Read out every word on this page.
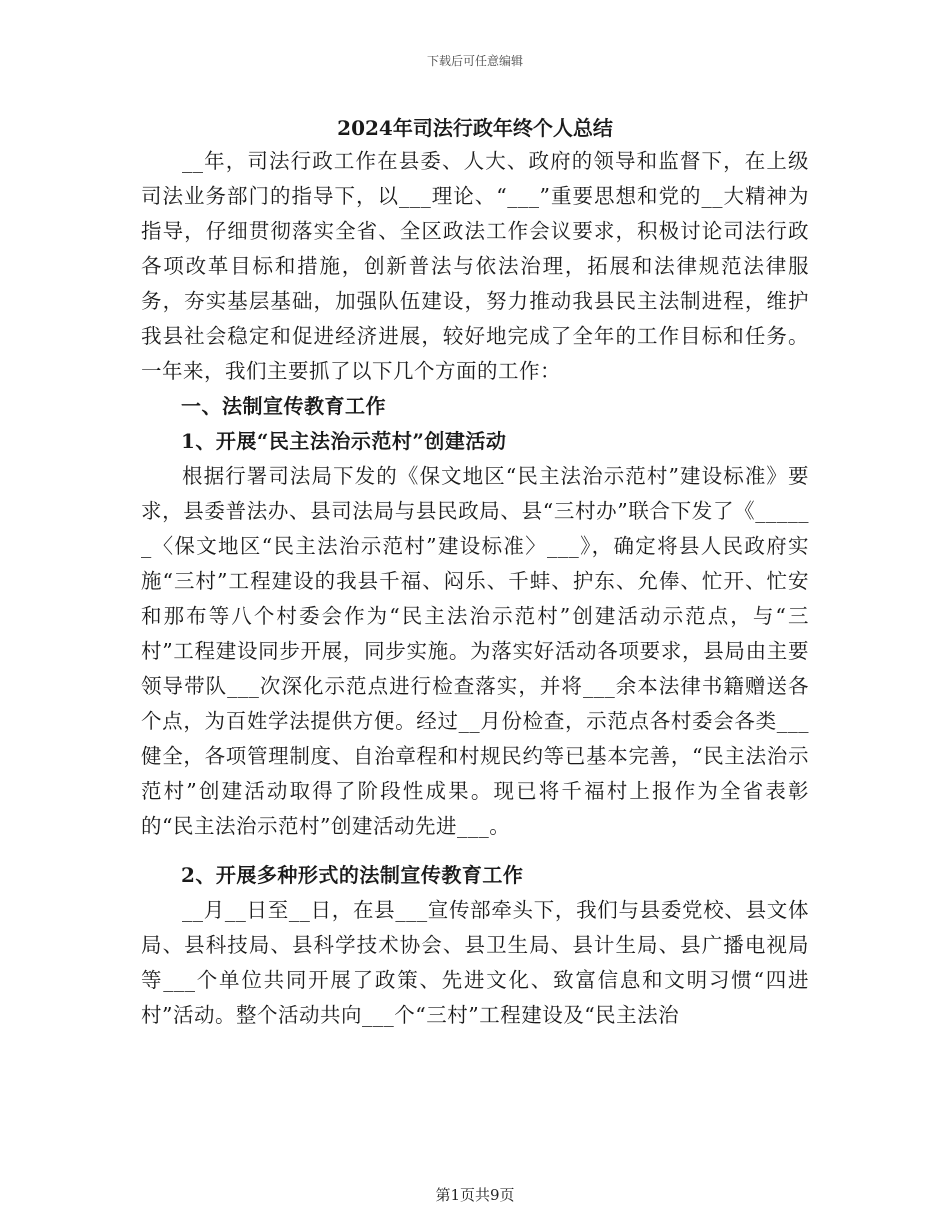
下载后可任意编辑
2024年司法行政年终个人总结

__年，司法行政工作在县委、人大、政府的领导和监督下，在上级司法业务部门的指导下，以___理论、“___”重要思想和党的__大精神为指导，仔细贯彻落实全省、全区政法工作会议要求，积极讨论司法行政各项改革目标和措施，创新普法与依法治理，拓展和法律规范法律服务，夯实基层基础，加强队伍建设，努力推动我县民主法制进程，维护我县社会稳定和促进经济进展，较好地完成了全年的工作目标和任务。一年来，我们主要抓了以下几个方面的工作：

一、法制宣传教育工作

1、开展“民主法治示范村”创建活动

根据行署司法局下发的《保文地区“民主法治示范村”建设标准》要求，县委普法办、县司法局与县民政局、县“三村办”联合下发了《______〈保文地区“民主法治示范村”建设标准〉___》，确定将县人民政府实施“三村”工程建设的我县千福、闷乐、千蚌、护东、允俸、忙开、忙安和那布等八个村委会作为“民主法治示范村”创建活动示范点，与“三村”工程建设同步开展，同步实施。为落实好活动各项要求，县局由主要领导带队___次深化示范点进行检查落实，并将___余本法律书籍赠送各个点，为百姓学法提供方便。经过__月份检查，示范点各村委会各类___健全，各项管理制度、自治章程和村规民约等已基本完善，“民主法治示范村”创建活动取得了阶段性成果。现已将千福村上报作为全省表彰的“民主法治示范村”创建活动先进___。

2、开展多种形式的法制宣传教育工作

__月__日至__日，在县___宣传部牵头下，我们与县委党校、县文体局、县科技局、县科学技术协会、县卫生局、县计生局、县广播电视局等___个单位共同开展了政策、先进文化、致富信息和文明习惯“四进村”活动。整个活动共向___个“三村”工程建设及“民主法治

第1页共9页
